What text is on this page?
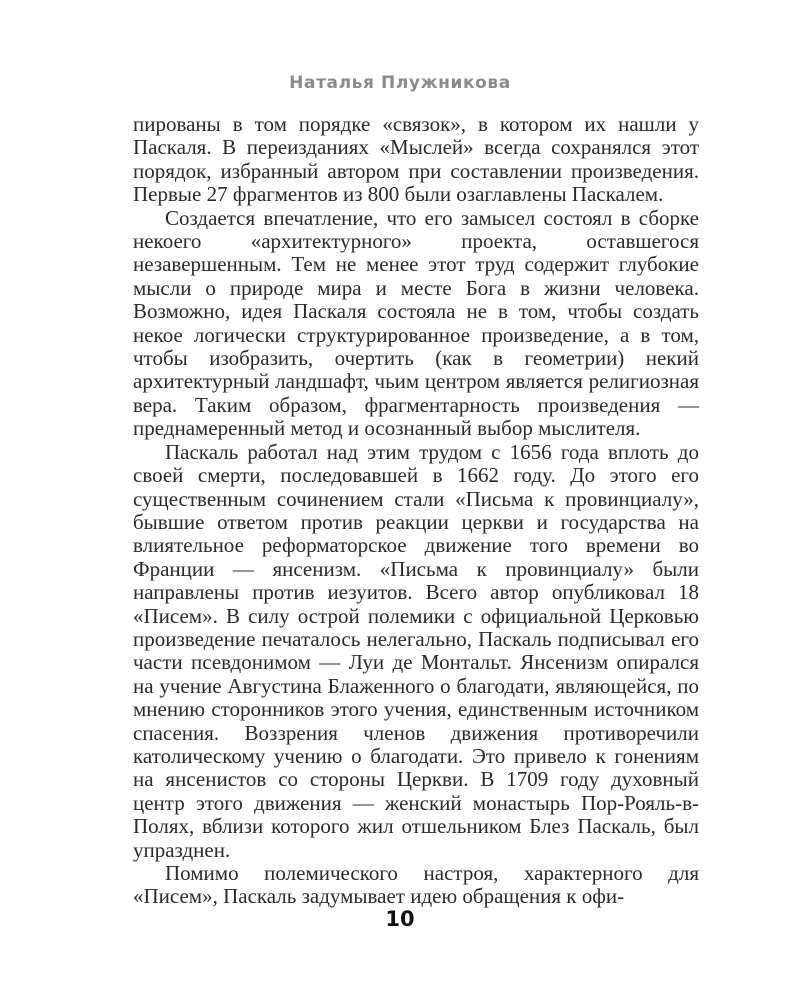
Наталья Плужникова

пированы в том порядке «связок», в котором их нашли у Паскаля. В переизданиях «Мыслей» всегда сохранялся этот порядок, избранный автором при составлении произведения. Первые 27 фрагментов из 800 были озаглавлены Паскалем.

Создается впечатление, что его замысел состоял в сборке некоего «архитектурного» проекта, оставшегося незавершенным. Тем не менее этот труд содержит глубокие мысли о природе мира и месте Бога в жизни человека. Возможно, идея Паскаля состояла не в том, чтобы создать некое логически структурированное произведение, а в том, чтобы изобразить, очертить (как в геометрии) некий архитектурный ландшафт, чьим центром является религиозная вера. Таким образом, фрагментарность произведения — преднамеренный метод и осознанный выбор мыслителя.

Паскаль работал над этим трудом с 1656 года вплоть до своей смерти, последовавшей в 1662 году. До этого его существенным сочинением стали «Письма к провинциалу», бывшие ответом против реакции церкви и государства на влиятельное реформаторское движение того времени во Франции — янсенизм. «Письма к провинциалу» были направлены против иезуитов. Всего автор опубликовал 18 «Писем». В силу острой полемики с официальной Церковью произведение печаталось нелегально, Паскаль подписывал его части псевдонимом — Луи де Монтальт. Янсенизм опирался на учение Августина Блаженного о благодати, являющейся, по мнению сторонников этого учения, единственным источником спасения. Воззрения членов движения противоречили католическому учению о благодати. Это привело к гонениям на янсенистов со стороны Церкви. В 1709 году духовный центр этого движения — женский монастырь Пор-Рояль-в-Полях, вблизи которого жил отшельником Блез Паскаль, был упразднен.

Помимо полемического настроя, характерного для «Писем», Паскаль задумывает идею обращения к офи-

10
